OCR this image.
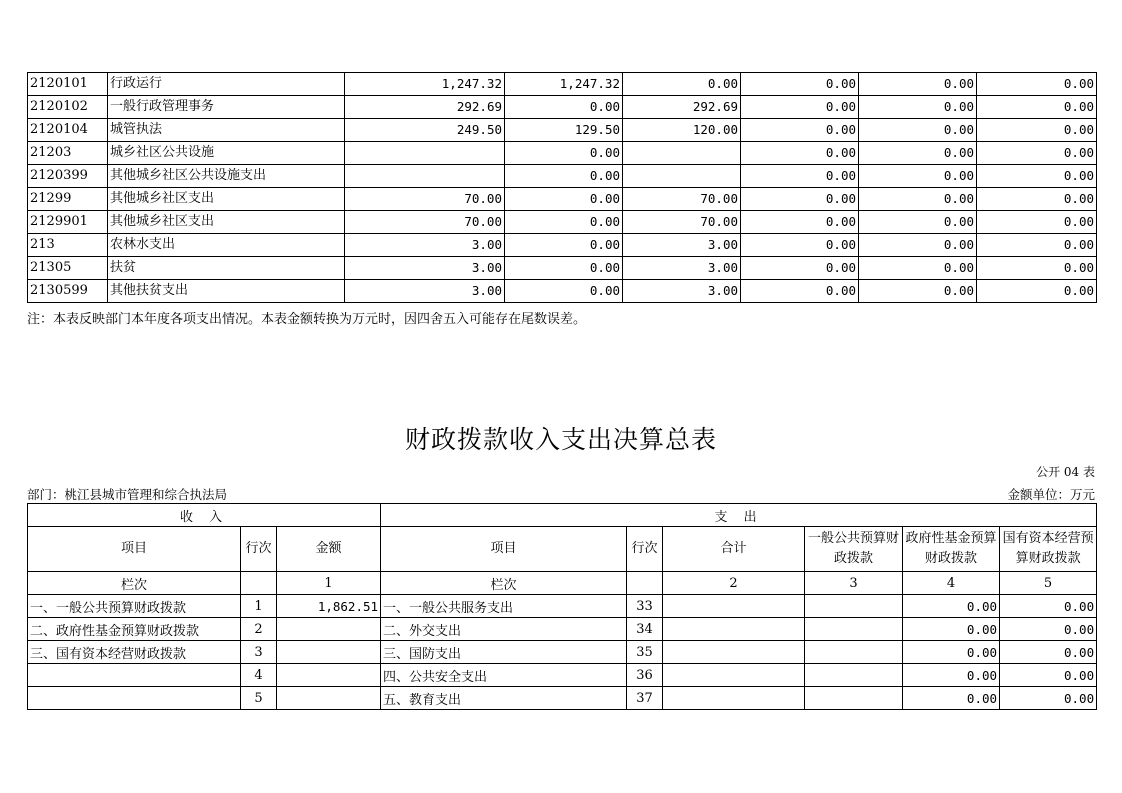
2120101	行政运行	1,247.32	1,247.32	0.00	0.00	0.00	0.00
2120102	一般行政管理事务	292.69	0.00	292.69	0.00	0.00	0.00
2120104	城管执法	249.50	129.50	120.00	0.00	0.00	0.00
21203	城乡社区公共设施		0.00		0.00	0.00	0.00
2120399	其他城乡社区公共设施支出		0.00		0.00	0.00	0.00
21299	其他城乡社区支出	70.00	0.00	70.00	0.00	0.00	0.00
2129901	其他城乡社区支出	70.00	0.00	70.00	0.00	0.00	0.00
213	农林水支出	3.00	0.00	3.00	0.00	0.00	0.00
21305	扶贫	3.00	0.00	3.00	0.00	0.00	0.00
2130599	其他扶贫支出	3.00	0.00	3.00	0.00	0.00	0.00
注：本表反映部门本年度各项支出情况。本表金额转换为万元时，因四舍五入可能存在尾数误差。
财政拨款收入支出决算总表
公开 04 表
部门：桃江县城市管理和综合执法局	金额单位：万元
收 入			支 出					
项目	行次	金额	项目	行次	合计	一般公共预算财政拨款	政府性基金预算财政拨款	国有资本经营预算财政拨款
栏次		1	栏次		2	3	4	5
一、一般公共预算财政拨款	1	1,862.51	一、一般公共服务支出	33			0.00	0.00
二、政府性基金预算财政拨款	2		二、外交支出	34			0.00	0.00
三、国有资本经营财政拨款	3		三、国防支出	35			0.00	0.00
	4		四、公共安全支出	36			0.00	0.00
	5		五、教育支出	37			0.00	0.00
